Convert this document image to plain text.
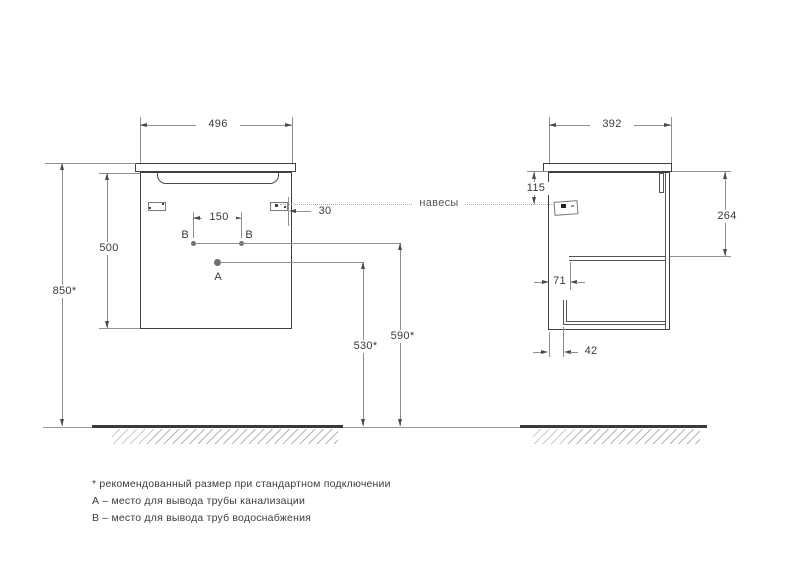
496
30
150
В	В
А
590*
530*
850*
500
навесы
392
115
264
71
42
* рекомендованный размер при стандартном подключении
А – место для вывода трубы канализации
В – место для вывода труб водоснабжения
